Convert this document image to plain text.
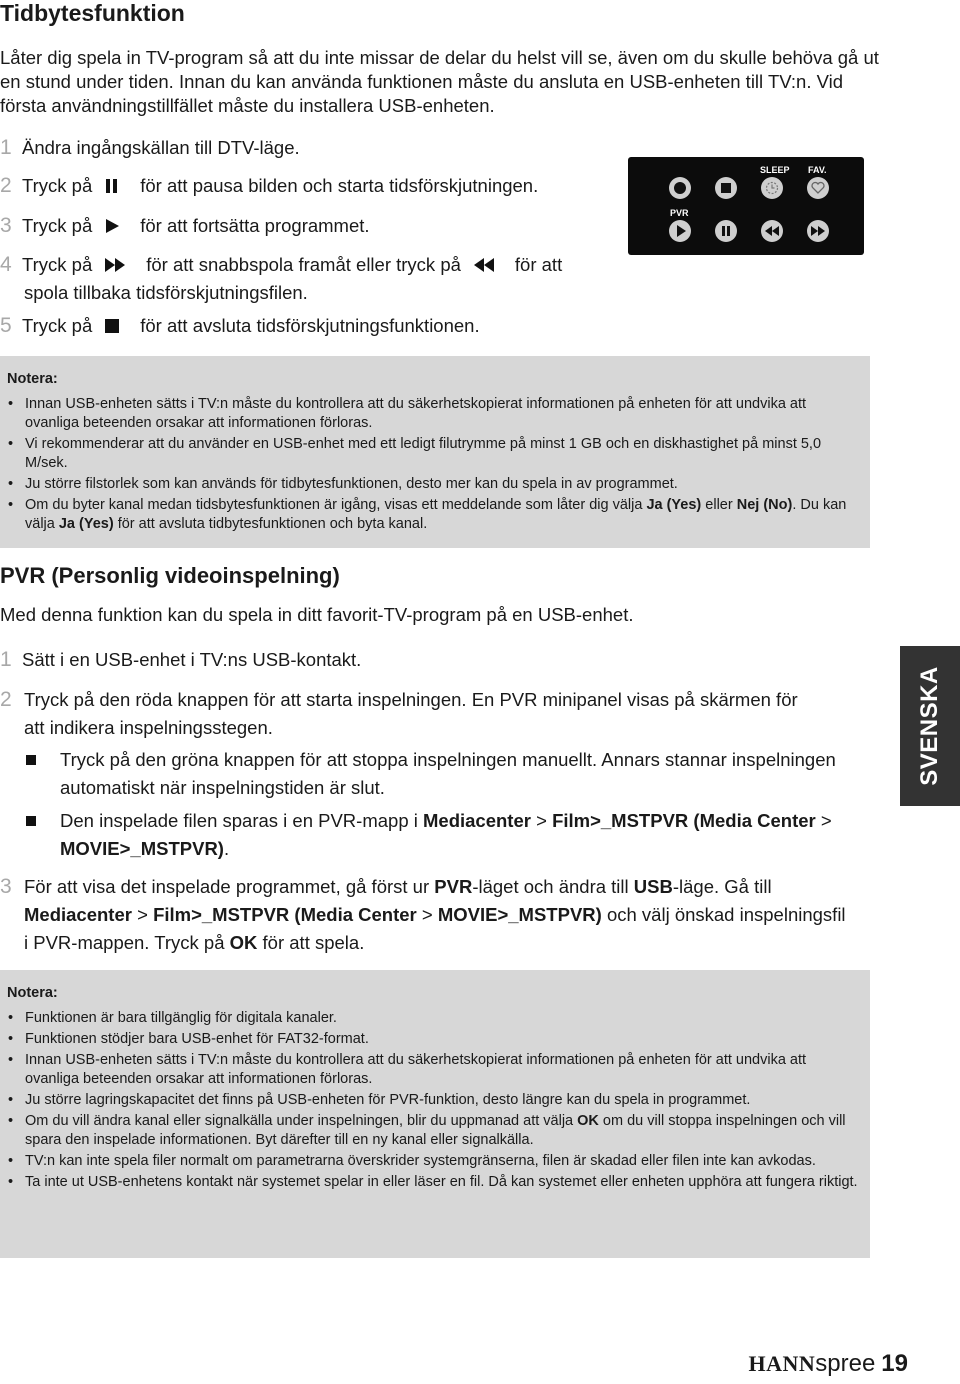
Tidbytesfunktion

Låter dig spela in TV-program så att du inte missar de delar du helst vill se, även om du skulle behöva gå ut en stund under tiden. Innan du kan använda funktionen måste du ansluta en USB-enheten till TV:n. Vid första användningstillfället måste du installera USB-enheten.

1 Ändra ingångskällan till DTV-läge.
2 Tryck på	för att pausa bilden och starta tidsförskjutningen.
3 Tryck på	för att fortsätta programmet.
4 Tryck på	för att snabbspola framåt eller tryck på	för att
spola tillbaka tidsförskjutningsfilen.
5 Tryck på	för att avsluta tidsförskjutningsfunktionen.
SLEEP FAV.
PVR
Notera:
• Innan USB-enheten sätts i TV:n måste du kontrollera att du säkerhetskopierat informationen på enheten för att undvika att ovanliga beteenden orsakar att informationen förloras.
• Vi rekommenderar att du använder en USB-enhet med ett ledigt filutrymme på minst 1 GB och en diskhastighet på minst 5,0 M/sek.
• Ju större filstorlek som kan används för tidbytesfunktionen, desto mer kan du spela in av programmet.
• Om du byter kanal medan tidsbytesfunktionen är igång, visas ett meddelande som låter dig välja Ja (Yes) eller Nej (No). Du kan välja Ja (Yes) för att avsluta tidbytesfunktionen och byta kanal.
PVR (Personlig videoinspelning)

Med denna funktion kan du spela in ditt favorit-TV-program på en USB-enhet.

1 Sätt i en USB-enhet i TV:ns USB-kontakt.
2 Tryck på den röda knappen för att starta inspelningen. En PVR minipanel visas på skärmen för att indikera inspelningsstegen.
Tryck på den gröna knappen för att stoppa inspelningen manuellt. Annars stannar inspelningen automatiskt när inspelningstiden är slut.
Den inspelade filen sparas i en PVR-mapp i Mediacenter > Film>_MSTPVR (Media Center > MOVIE>_MSTPVR).
3 För att visa det inspelade programmet, gå först ur PVR-läget och ändra till USB-läge. Gå till Mediacenter > Film>_MSTPVR (Media Center > MOVIE>_MSTPVR) och välj önskad inspelningsfil i PVR-mappen. Tryck på OK för att spela.
Notera:
• Funktionen är bara tillgänglig för digitala kanaler.
• Funktionen stödjer bara USB-enhet för FAT32-format.
• Innan USB-enheten sätts i TV:n måste du kontrollera att du säkerhetskopierat informationen på enheten för att undvika att ovanliga beteenden orsakar att informationen förloras.
• Ju större lagringskapacitet det finns på USB-enheten för PVR-funktion, desto längre kan du spela in programmet.
• Om du vill ändra kanal eller signalkälla under inspelningen, blir du uppmanad att välja OK om du vill stoppa inspelningen och vill spara den inspelade informationen. Byt därefter till en ny kanal eller signalkälla.
• TV:n kan inte spela filer normalt om parametrarna överskrider systemgränserna, filen är skadad eller filen inte kan avkodas.
• Ta inte ut USB-enhetens kontakt när systemet spelar in eller läser en fil. Då kan systemet eller enheten upphöra att fungera riktigt.
SVENSKA
HANNspree 19
